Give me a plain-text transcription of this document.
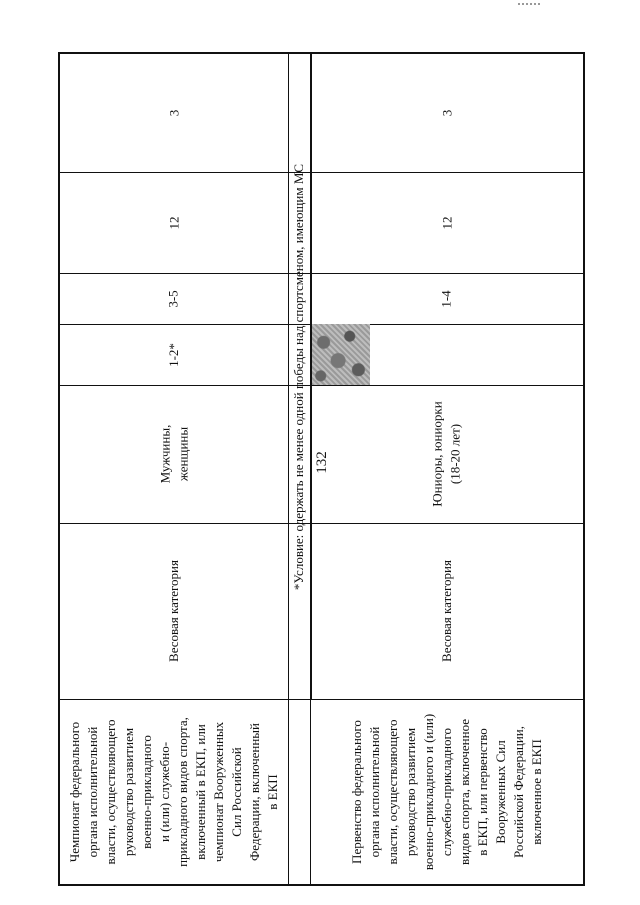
132
Чемпионат федерального
органа исполнительной
власти, осуществляющего
руководство развитием
военно-прикладного
и (или) служебно-
прикладного видов спорта,
включенный в ЕКП, или
чемпионат Вооруженных
Сил Российской
Федерации, включенный
в ЕКП
Весовая категория
Мужчины,
женщины
1-2*
3-5
12
3
*Условие: одержать не менее одной победы над спортсменом, имеющим МС
Первенство федерального
органа исполнительной
власти, осуществляющего
руководство развитием
военно-прикладного и (или)
служебно-прикладного
видов спорта, включенное
в ЕКП, или первенство
Вооруженных Сил
Российской Федерации,
включенное в ЕКП
Весовая категория
Юниоры, юниорки
(18-20 лет)
1-4
12
3
